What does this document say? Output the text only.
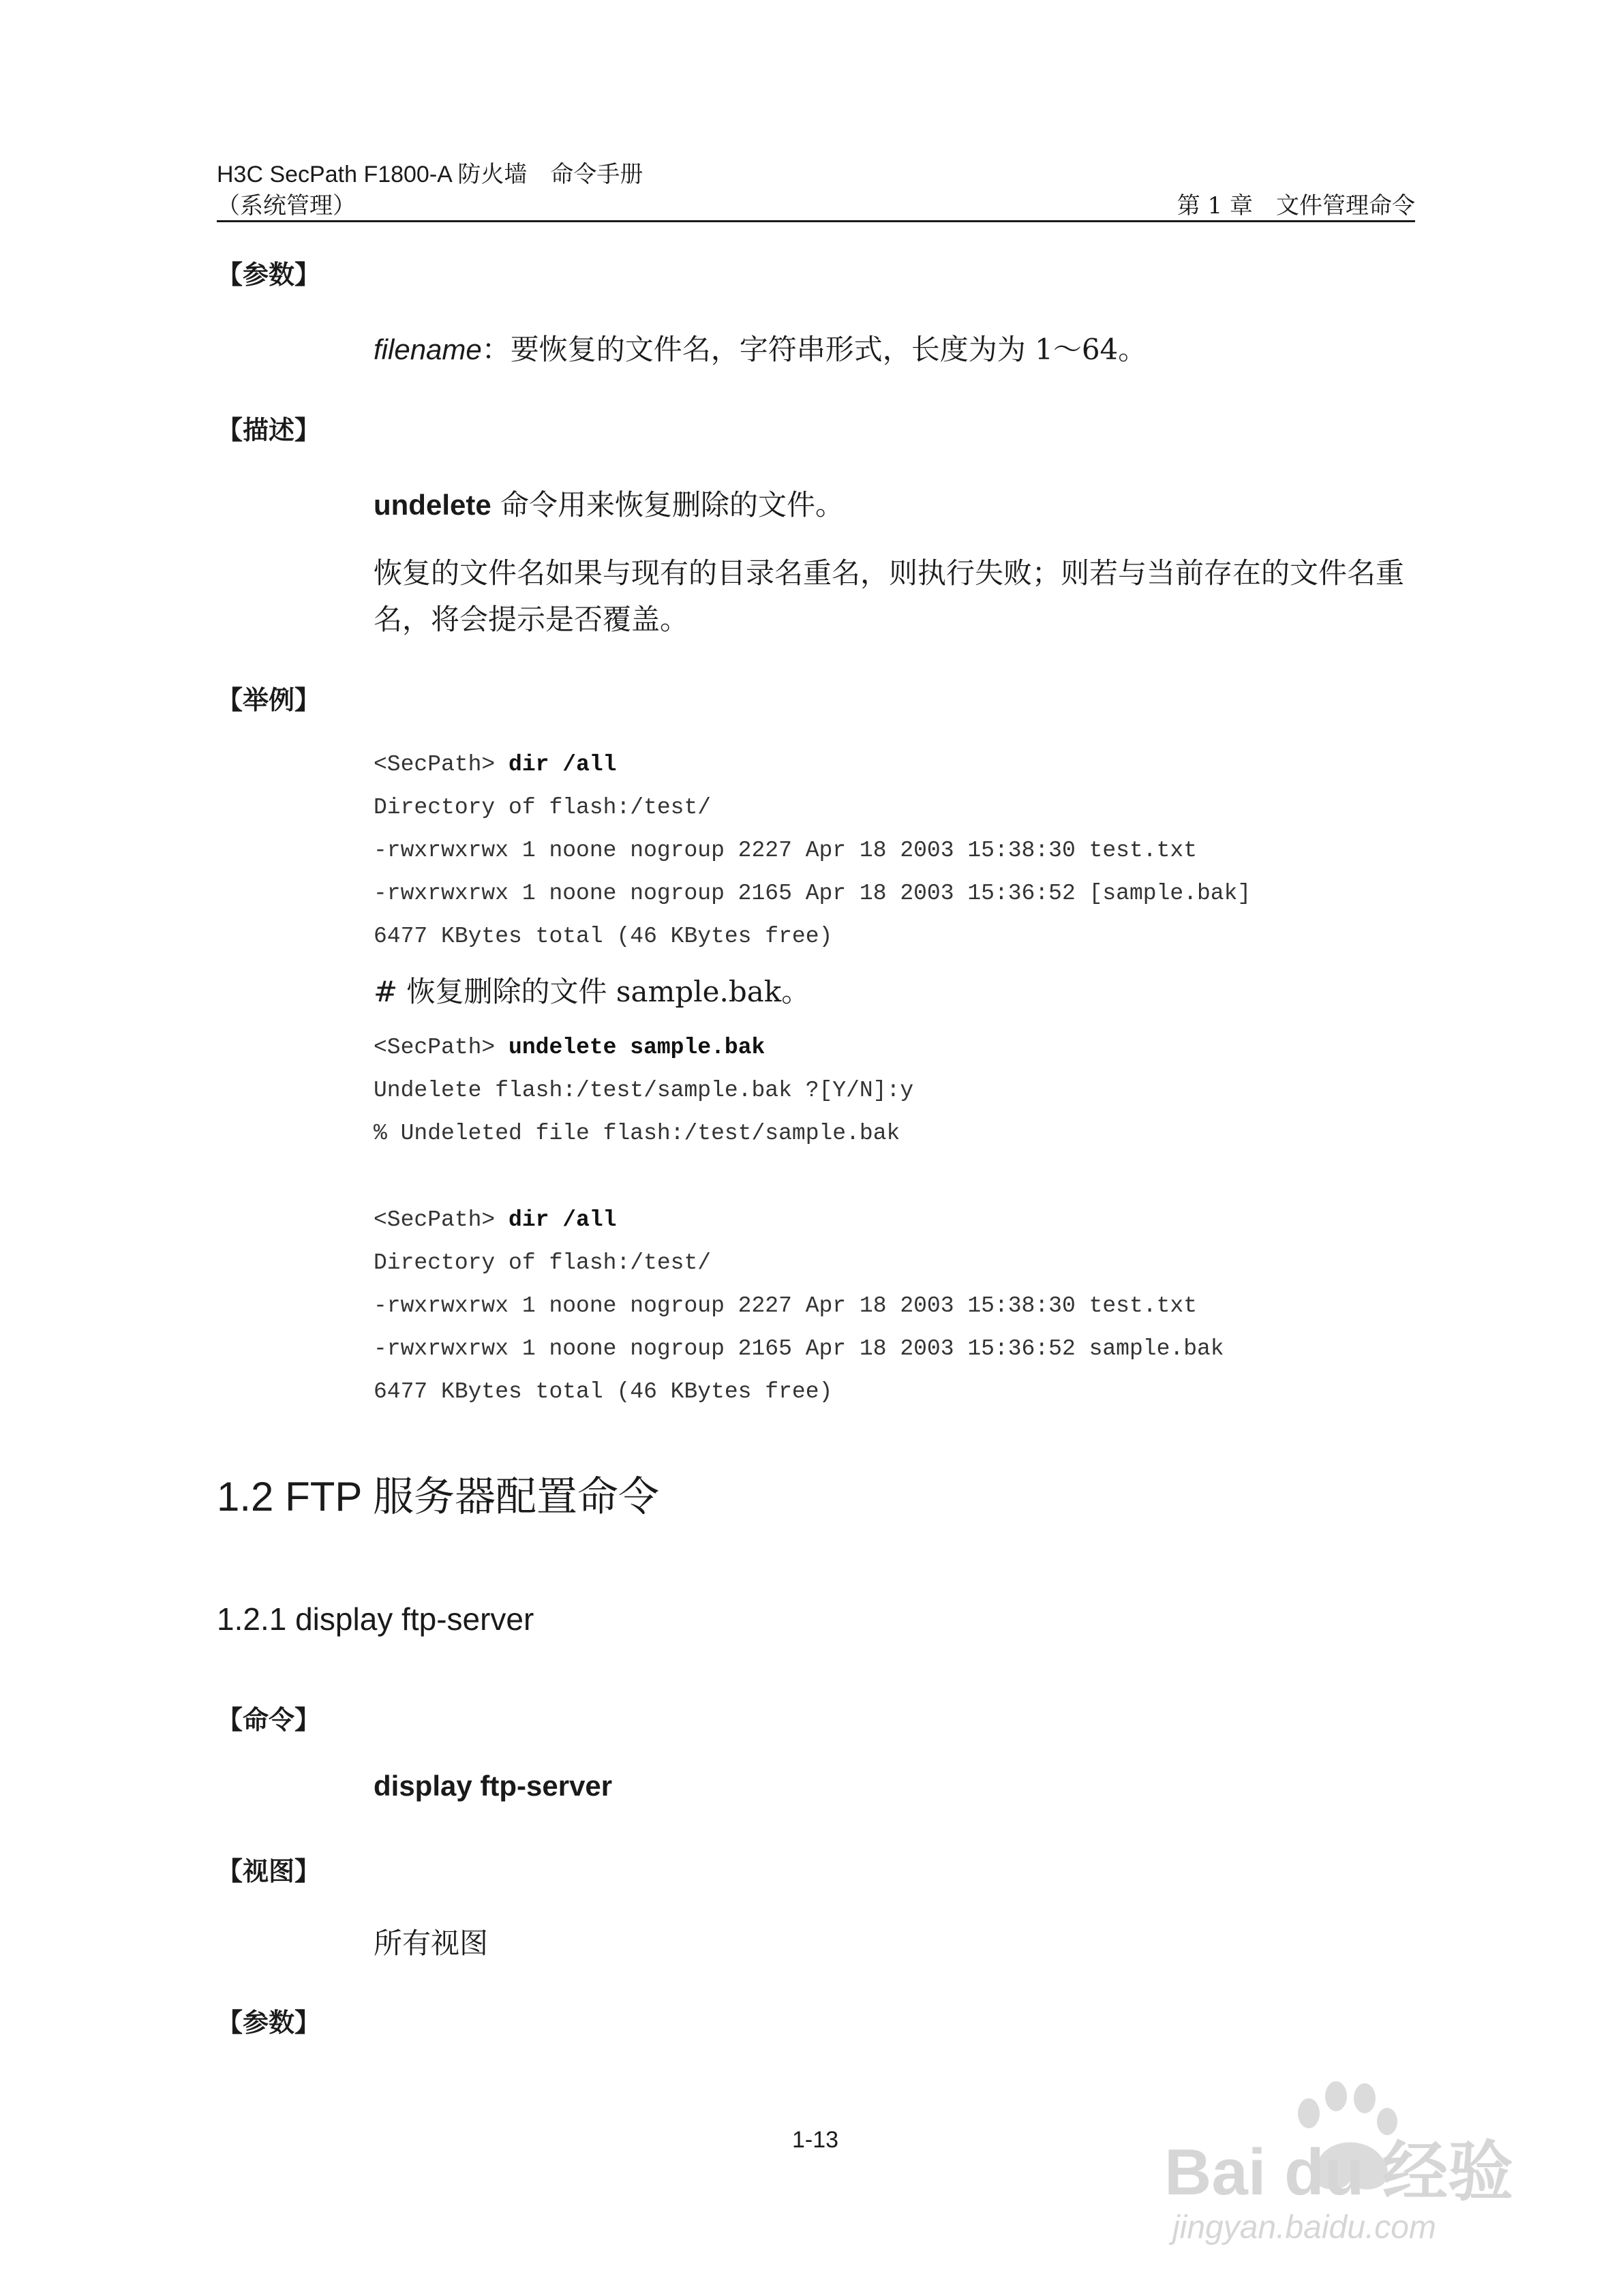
H3C SecPath F1800-A 防火墙　命令手册
（系统管理）	第 1 章　文件管理命令
【参数】
filename：要恢复的文件名，字符串形式，长度为为 1～64。
【描述】
undelete 命令用来恢复删除的文件。
恢复的文件名如果与现有的目录名重名，则执行失败；则若与当前存在的文件名重
名，将会提示是否覆盖。
【举例】
<SecPath> dir /all
Directory of flash:/test/
-rwxrwxrwx 1 noone nogroup 2227 Apr 18 2003 15:38:30 test.txt
-rwxrwxrwx 1 noone nogroup 2165 Apr 18 2003 15:36:52 [sample.bak]
6477 KBytes total (46 KBytes free)
# 恢复删除的文件 sample.bak。
<SecPath> undelete sample.bak
Undelete flash:/test/sample.bak ?[Y/N]:y
% Undeleted file flash:/test/sample.bak
<SecPath> dir /all
Directory of flash:/test/
-rwxrwxrwx 1 noone nogroup 2227 Apr 18 2003 15:38:30 test.txt
-rwxrwxrwx 1 noone nogroup 2165 Apr 18 2003 15:36:52 sample.bak
6477 KBytes total (46 KBytes free)
1.2 FTP 服务器配置命令
1.2.1 display ftp-server
【命令】
display ftp-server
【视图】
所有视图
【参数】
1-13	Bai du 经验
jingyan.baidu.com
